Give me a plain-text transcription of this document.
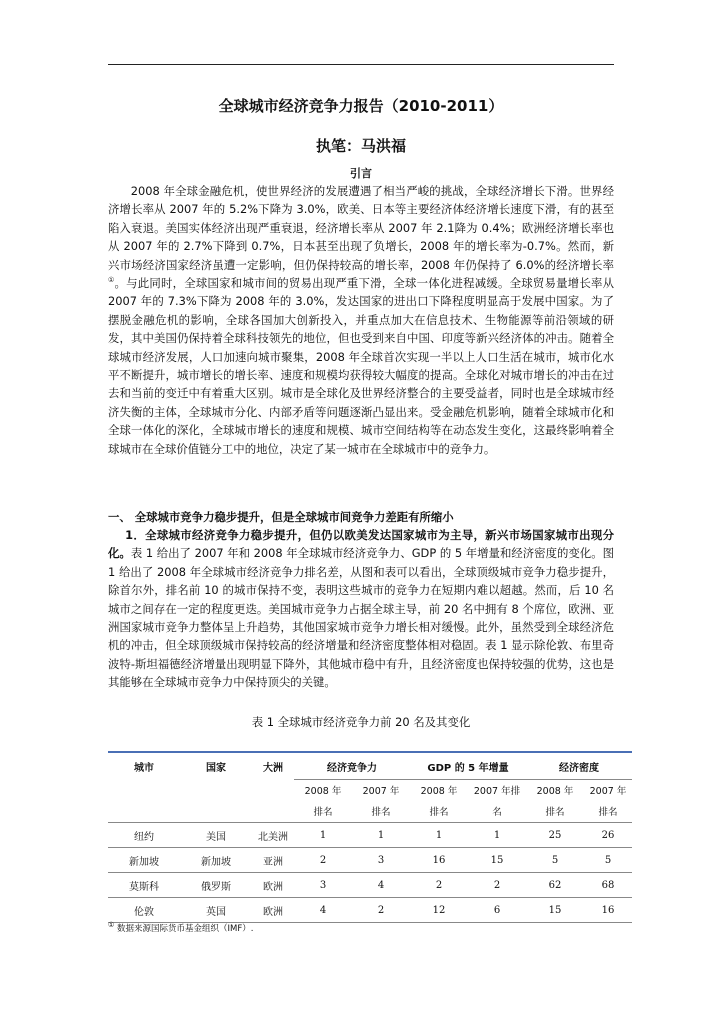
全球城市经济竞争力报告（2010-2011）
执笔：马洪福
引言
2008 年全球金融危机，使世界经济的发展遭遇了相当严峻的挑战，全球经济增长下滑。世界经济增长率从 2007 年的 5.2%下降为 3.0%，欧美、日本等主要经济体经济增长速度下滑，有的甚至陷入衰退。美国实体经济出现严重衰退，经济增长率从 2007 年 2.1降为 0.4%；欧洲经济增长率也从 2007 年的 2.7%下降到 0.7%，日本甚至出现了负增长，2008 年的增长率为-0.7%。然而，新兴市场经济国家经济虽遭一定影响，但仍保持较高的增长率，2008 年仍保持了 6.0%的经济增长率①。与此同时，全球国家和城市间的贸易出现严重下滑，全球一体化进程减缓。全球贸易量增长率从 2007 年的 7.3%下降为 2008 年的 3.0%，发达国家的进出口下降程度明显高于发展中国家。为了摆脱金融危机的影响，全球各国加大创新投入，并重点加大在信息技术、生物能源等前沿领域的研发，其中美国仍保持着全球科技领先的地位，但也受到来自中国、印度等新兴经济体的冲击。随着全球城市经济发展，人口加速向城市聚集，2008 年全球首次实现一半以上人口生活在城市，城市化水平不断提升，城市增长的增长率、速度和规模均获得较大幅度的提高。全球化对城市增长的冲击在过去和当前的变迁中有着重大区别。城市是全球化及世界经济整合的主要受益者，同时也是全球城市经济失衡的主体，全球城市分化、内部矛盾等问题逐渐凸显出来。受金融危机影响，随着全球城市化和全球一体化的深化，全球城市增长的速度和规模、城市空间结构等在动态发生变化，这最终影响着全球城市在全球价值链分工中的地位，决定了某一城市在全球城市中的竞争力。
一、 全球城市竞争力稳步提升，但是全球城市间竞争力差距有所缩小
1．全球城市经济竞争力稳步提升，但仍以欧美发达国家城市为主导，新兴市场国家城市出现分化。表 1 给出了 2007 年和 2008 年全球城市经济竞争力、GDP 的 5 年增量和经济密度的变化。图 1 给出了 2008 年全球城市经济竞争力排名差，从图和表可以看出，全球顶级城市竞争力稳步提升，除首尔外，排名前 10 的城市保持不变，表明这些城市的竞争力在短期内难以超越。然而，后 10 名城市之间存在一定的程度更迭。美国城市竞争力占据全球主导，前 20 名中拥有 8 个席位，欧洲、亚洲国家城市竞争力整体呈上升趋势，其他国家城市竞争力增长相对缓慢。此外，虽然受到全球经济危机的冲击，但全球顶级城市保持较高的经济增量和经济密度整体相对稳固。表 1 显示除伦敦、布里奇波特-斯坦福德经济增量出现明显下降外，其他城市稳中有升，且经济密度也保持较强的优势，这也是其能够在全球城市竞争力中保持顶尖的关键。
表 1 全球城市经济竞争力前 20 名及其变化
城市	国家	大洲	经济竞争力		GDP 的 5 年增量		经济密度	
			2008 年	2007 年	2008 年	2007 年排	2008 年	2007 年
			排名	排名	排名	名	排名	排名
纽约	美国	北美洲	1	1	1	1	25	26
新加坡	新加坡	亚洲	2	3	16	15	5	5
莫斯科	俄罗斯	欧洲	3	4	2	2	62	68
伦敦	英国	欧洲	4	2	12	6	15	16
① 数据来源国际货币基金组织（IMF）.
